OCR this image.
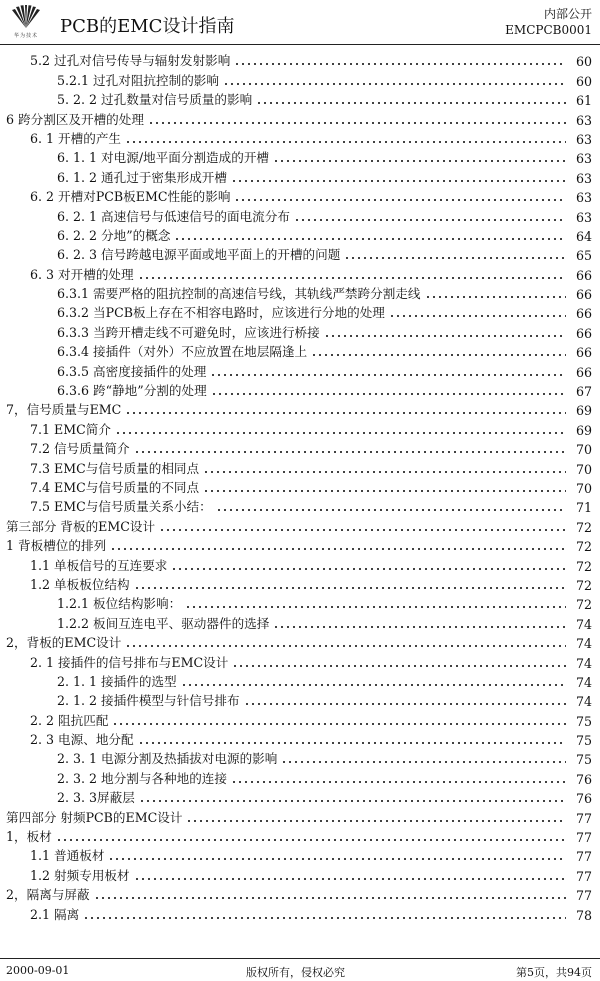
华为技术	PCB的EMC设计指南
内部公开
EMCPCB0001
5.2 过孔对信号传导与辐射发射影响	60
5.2.1 过孔对阻抗控制的影响	60
5. 2. 2 过孔数量对信号质量的影响	61
6 跨分割区及开槽的处理	63
6. 1 开槽的产生	63
6. 1. 1 对电源/地平面分割造成的开槽	63
6. 1. 2 通孔过于密集形成开槽	63
6. 2 开槽对PCB板EMC性能的影响	63
6. 2. 1 高速信号与低速信号的面电流分布	63
6. 2. 2 分地”的概念	64
6. 2. 3 信号跨越电源平面或地平面上的开槽的问题	65
6. 3 对开槽的处理	66
6.3.1 需要严格的阻抗控制的高速信号线，其轨线严禁跨分割走线	66
6.3.2 当PCB板上存在不相容电路时，应该进行分地的处理	66
6.3.3 当跨开槽走线不可避免时，应该进行桥接	66
6.3.4 接插件（对外）不应放置在地层隔逢上	66
6.3.5 高密度接插件的处理	66
6.3.6 跨“静地”分割的处理	67
7，信号质量与EMC	69
7.1 EMC简介	69
7.2 信号质量简介	70
7.3 EMC与信号质量的相同点	70
7.4 EMC与信号质量的不同点	70
7.5 EMC与信号质量关系小结：	71
第三部分 背板的EMC设计	72
1 背板槽位的排列	72
1.1 单板信号的互连要求	72
1.2 单板板位结构	72
1.2.1 板位结构影响：	72
1.2.2 板间互连电平、驱动器件的选择	74
2，背板的EMC设计	74
2. 1 接插件的信号排布与EMC设计	74
2. 1. 1 接插件的选型	74
2. 1. 2 接插件模型与针信号排布	74
2. 2 阻抗匹配	75
2. 3 电源、地分配	75
2. 3. 1 电源分割及热插拔对电源的影响	75
2. 3. 2 地分割与各种地的连接	76
2. 3. 3屏蔽层	76
第四部分 射频PCB的EMC设计	77
1，板材	77
1.1 普通板材	77
1.2 射频专用板材	77
2，隔离与屏蔽	77
2.1 隔离	78
2000-09-01	版权所有，侵权必究	第5页，共94页
